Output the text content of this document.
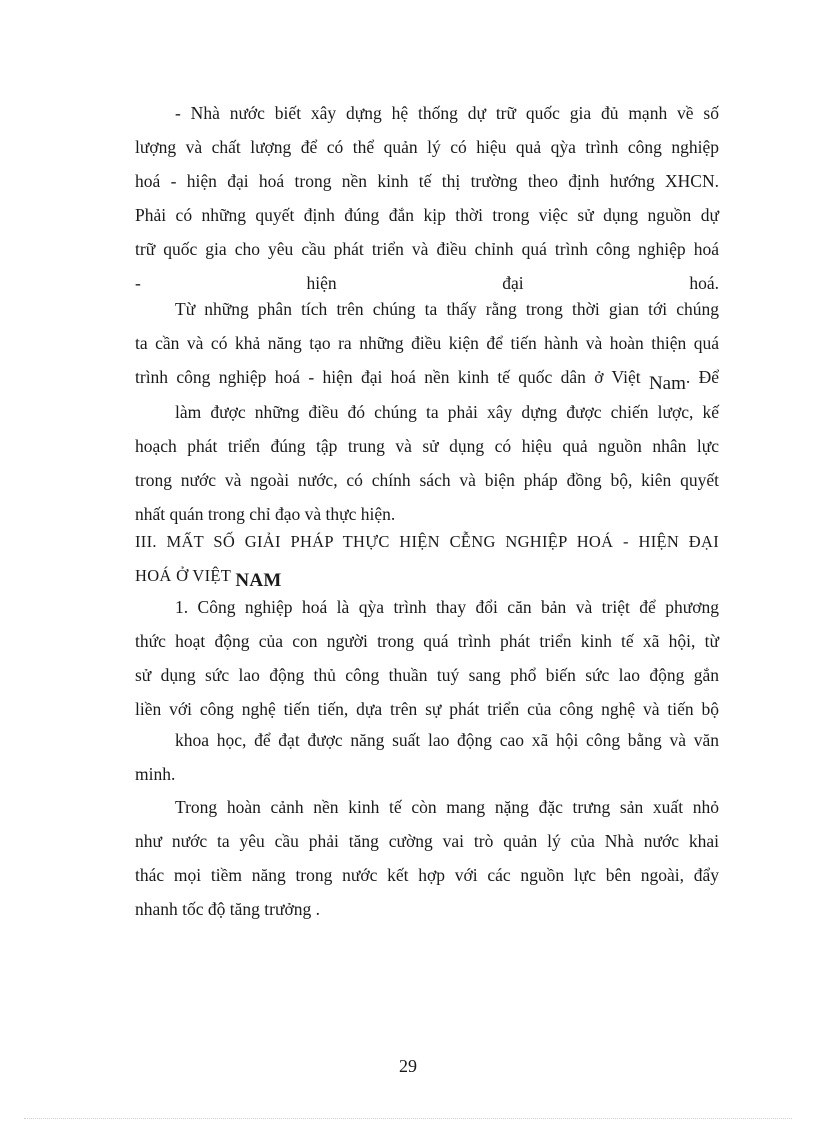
- Nhà nước biết xây dựng hệ thống dự trữ quốc gia đủ mạnh về số
lượng và chất lượng để có thể quản lý có hiệu quả qỳa trình công nghiệp
hoá - hiện đại hoá trong nền kinh tế thị trường theo định hướng XHCN.
Phải có những quyết định đúng đắn kịp thời trong việc sử dụng nguồn dự
trữ quốc gia cho yêu cầu phát triển và điều chỉnh quá trình công nghiệp hoá
-	hiện	đại	hoá.
Từ những phân tích trên chúng ta thấy rằng trong thời gian tới chúng
ta cần và có khả năng tạo ra những điều kiện để tiến hành và hoàn thiện quá
trình công nghiệp hoá - hiện đại hoá nền kinh tế quốc dân ở Việt Nam. Để
làm được những điều đó chúng ta phải xây dựng được chiến lược, kế
hoạch phát triển đúng tập trung và sử dụng có hiệu quả nguồn nhân lực
trong nước và ngoài nước, có chính sách và biện pháp đồng bộ, kiên quyết
nhất quán trong chỉ đạo và thực hiện.
III. MẤT SỐ GIẢI PHÁP THỰC HIỆN CỄNG NGHIỆP HOÁ - HIỆN ĐẠI
HOÁ Ở VIỆT NAM
1. Công nghiệp hoá là qỳa trình thay đổi căn bản và triệt để phương
thức hoạt động của con người trong quá trình phát triển kinh tế xã hội, từ
sử dụng sức lao động thủ công thuần tuý sang phổ biến sức lao động gắn
liền với công nghệ tiến tiến, dựa trên sự phát triển của công nghệ và tiến bộ
khoa học, để đạt được năng suất lao động cao xã hội công bằng và văn
minh.
Trong hoàn cảnh nền kinh tế còn mang nặng đặc trưng sản xuất nhỏ
như nước ta yêu cầu phải tăng cường vai trò quản lý của Nhà nước khai
thác mọi tiềm năng trong nước kết hợp với các nguồn lực bên ngoài, đẩy
nhanh tốc độ tăng trưởng .
29
